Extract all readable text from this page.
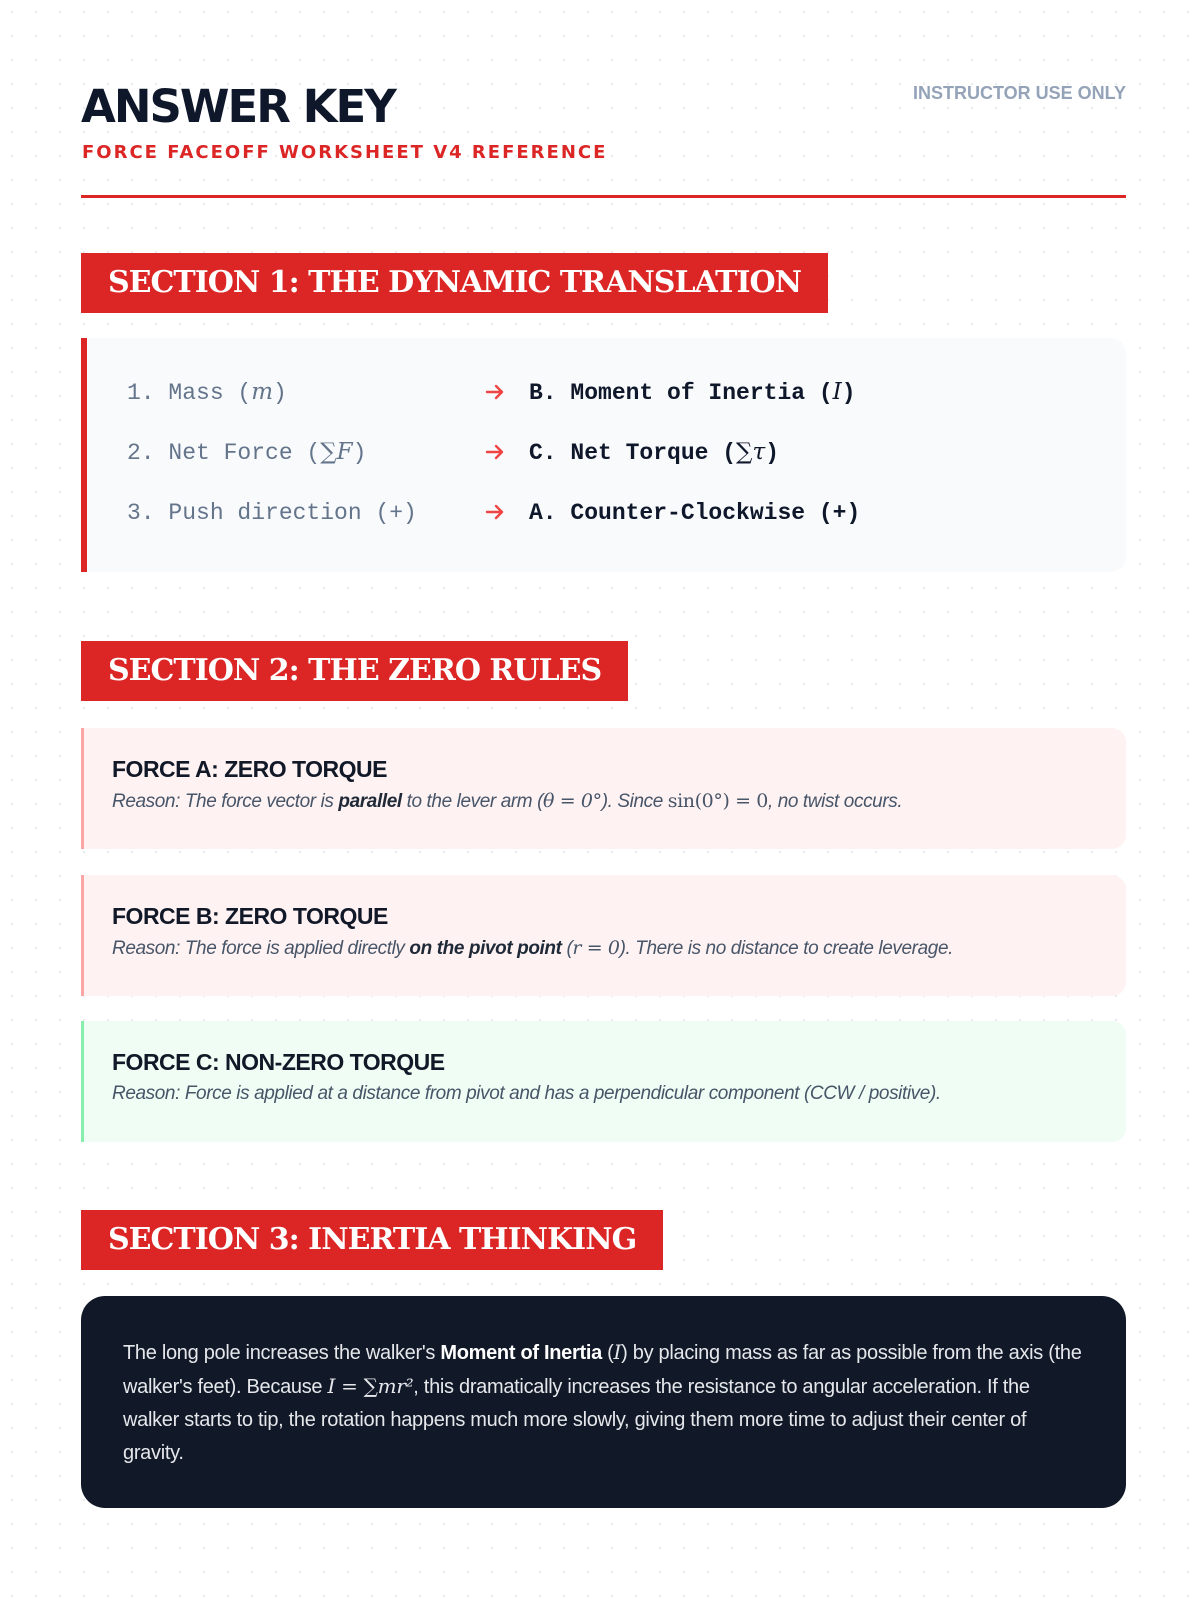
ANSWER KEY
FORCE FACEOFF WORKSHEET V4 REFERENCE
INSTRUCTOR USE ONLY
SECTION 1: THE DYNAMIC TRANSLATION
1. Mass (m)	B. Moment of Inertia (I)
2. Net Force (∑F)	C. Net Torque (∑τ)
3. Push direction (+)	A. Counter-Clockwise (+)
SECTION 2: THE ZERO RULES
FORCE A: ZERO TORQUE
Reason: The force vector is parallel to the lever arm (θ = 0°). Since sin(0°) = 0, no twist occurs.
FORCE B: ZERO TORQUE
Reason: The force is applied directly on the pivot point (r = 0). There is no distance to create leverage.
FORCE C: NON-ZERO TORQUE
Reason: Force is applied at a distance from pivot and has a perpendicular component (CCW / positive).
SECTION 3: INERTIA THINKING

The long pole increases the walker's Moment of Inertia (I) by placing mass as far as possible from the axis (the walker's feet). Because I = ∑mr², this dramatically increases the resistance to angular acceleration. If the walker starts to tip, the rotation happens much more slowly, giving them more time to adjust their center of gravity.
